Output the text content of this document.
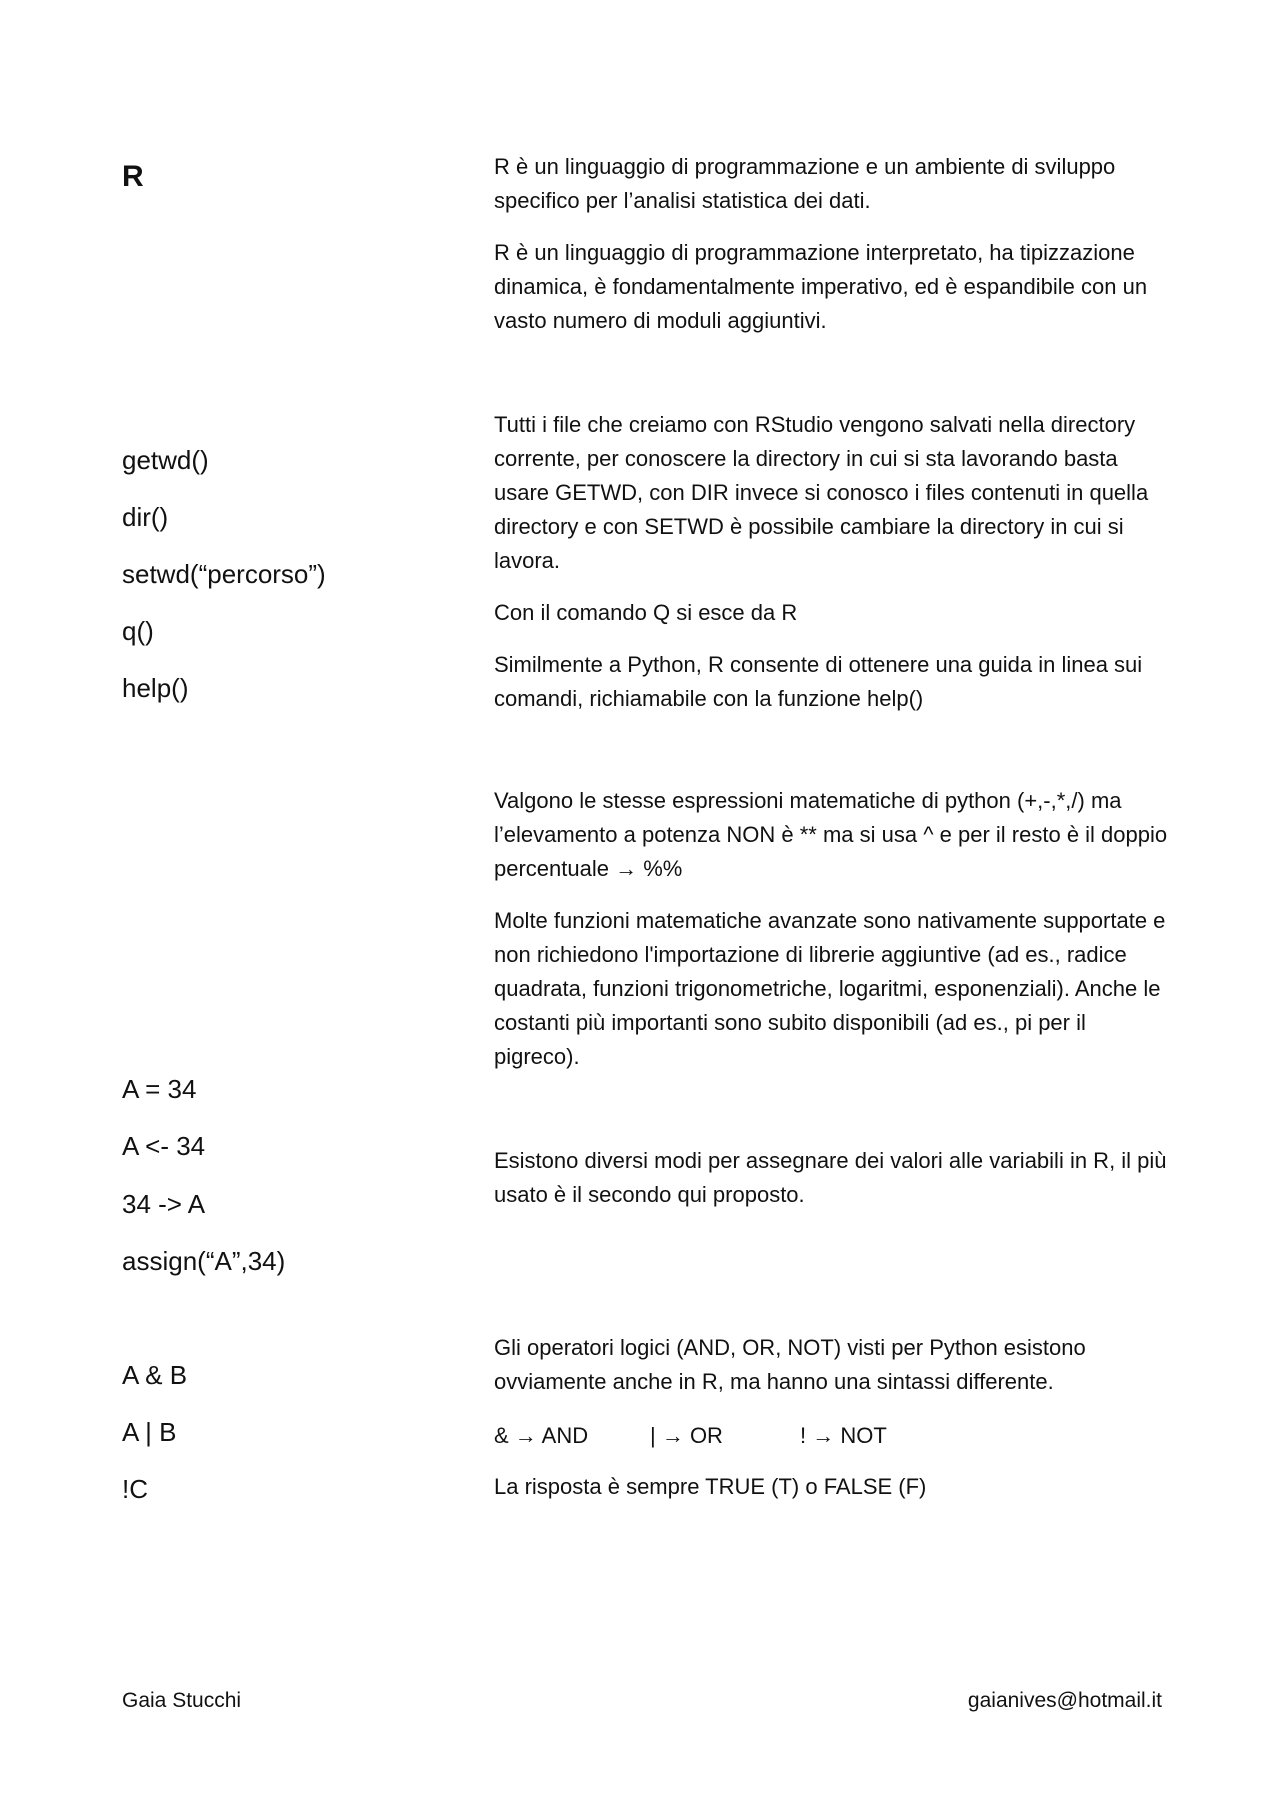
R	R è un linguaggio di programmazione e un ambiente di sviluppo specifico per l’analisi statistica dei dati.

R è un linguaggio di programmazione interpretato, ha tipizzazione dinamica, è fondamentalmente imperativo, ed è espandibile con un vasto numero di moduli aggiuntivi.

getwd()

dir()

setwd(“percorso”)

q()

help()

Tutti i file che creiamo con RStudio vengono salvati nella directory corrente, per conoscere la directory in cui si sta lavorando basta usare GETWD, con DIR invece si conosco i files contenuti in quella directory e con SETWD è possibile cambiare la directory in cui si lavora.

Con il comando Q si esce da R

Similmente a Python, R consente di ottenere una guida in linea sui comandi, richiamabile con la funzione help()

Valgono le stesse espressioni matematiche di python (+,-,*,/) ma l’elevamento a potenza NON è ** ma si usa ^ e per il resto è il doppio percentuale → %%

Molte funzioni matematiche avanzate sono nativamente supportate e non richiedono l'importazione di librerie aggiuntive (ad es., radice quadrata, funzioni trigonometriche, logaritmi, esponenziali). Anche le costanti più importanti sono subito disponibili (ad es., pi per il pigreco).

A = 34

A <- 34

34 -> A

assign(“A”,34)

Esistono diversi modi per assegnare dei valori alle variabili in R, il più usato è il secondo qui proposto.

A & B

A | B

!C

Gli operatori logici (AND, OR, NOT) visti per Python esistono ovviamente anche in R, ma hanno una sintassi differente.

& → AND	| → OR	! → NOT

La risposta è sempre TRUE (T) o FALSE (F)

Gaia Stucchi	gaianives@hotmail.it
